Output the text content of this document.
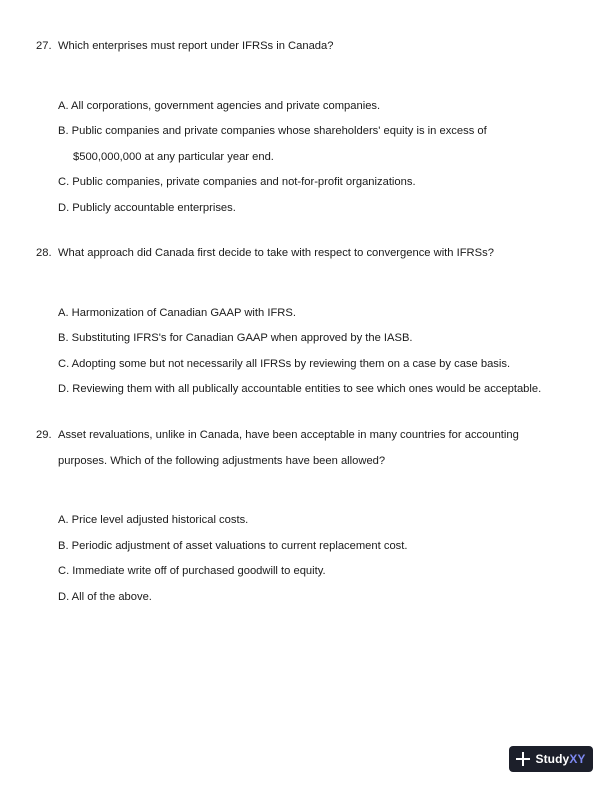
27. Which enterprises must report under IFRSs in Canada?
A. All corporations, government agencies and private companies.
B. Public companies and private companies whose shareholders' equity is in excess of
$500,000,000 at any particular year end.
C. Public companies, private companies and not-for-profit organizations.
D. Publicly accountable enterprises.
28. What approach did Canada first decide to take with respect to convergence with IFRSs?
A. Harmonization of Canadian GAAP with IFRS.
B. Substituting IFRS's for Canadian GAAP when approved by the IASB.
C. Adopting some but not necessarily all IFRSs by reviewing them on a case by case basis.
D. Reviewing them with all publically accountable entities to see which ones would be acceptable.
29. Asset revaluations, unlike in Canada, have been acceptable in many countries for accounting
purposes. Which of the following adjustments have been allowed?
A. Price level adjusted historical costs.
B. Periodic adjustment of asset valuations to current replacement cost.
C. Immediate write off of purchased goodwill to equity.
D. All of the above.
StudyXY
